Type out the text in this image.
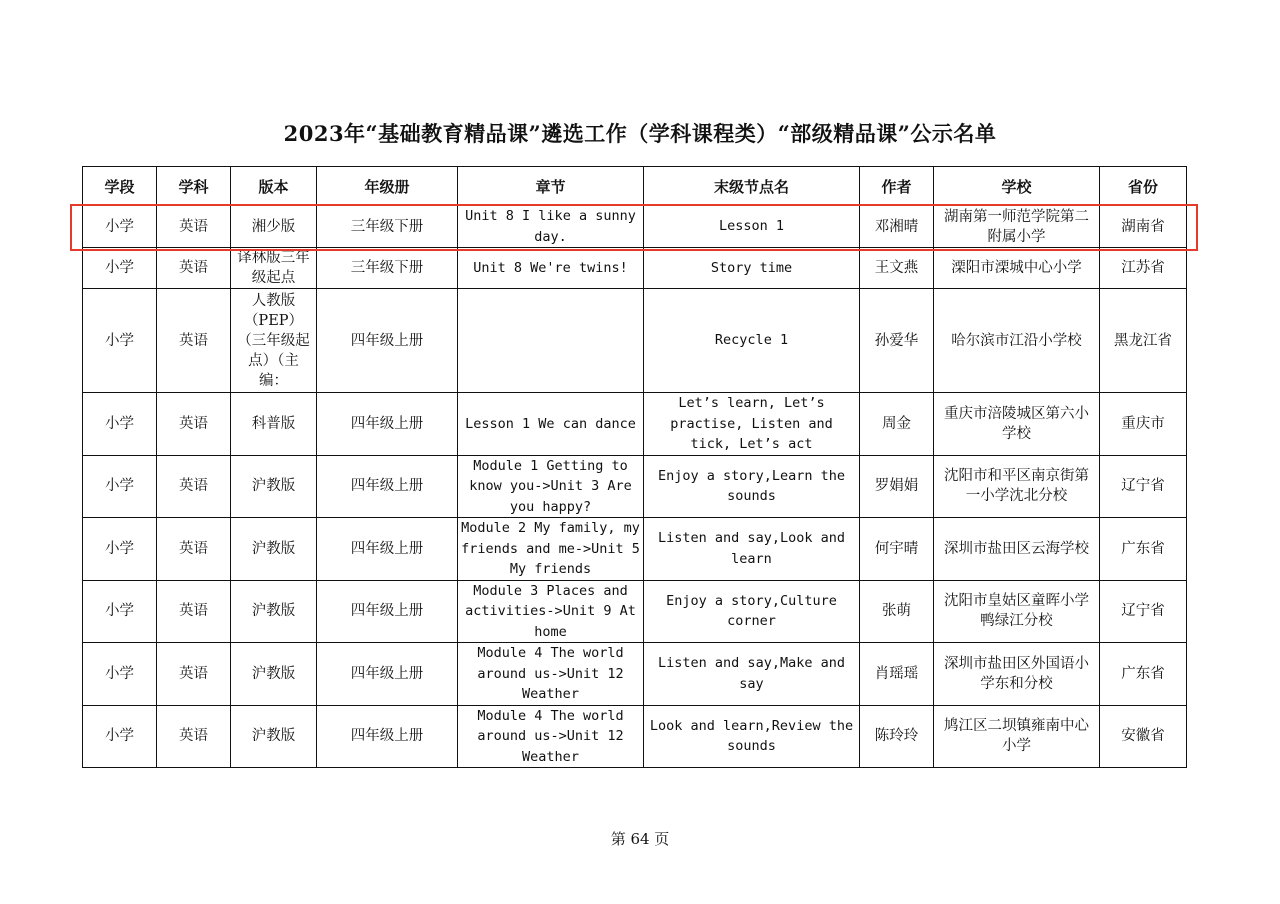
2023年“基础教育精品课”遴选工作（学科课程类）“部级精品课”公示名单
学段	学科	版本	年级册	章节	末级节点名	作者	学校	省份
小学	英语	湘少版	三年级下册	Unit 8 I like a sunny day.	Lesson 1	邓湘晴	湖南第一师范学院第二附属小学	湖南省
小学	英语	译林版三年级起点	三年级下册	Unit 8 We're twins!	Story time	王文燕	溧阳市溧城中心小学	江苏省
小学	英语	人教版（PEP）（三年级起点）（主编：	四年级上册		Recycle 1	孙爱华	哈尔滨市江沿小学校	黑龙江省
小学	英语	科普版	四年级上册	Lesson 1 We can dance	Let’s learn, Let’s practise, Listen and tick, Let’s act	周金	重庆市涪陵城区第六小学校	重庆市
小学	英语	沪教版	四年级上册	Module 1 Getting to know you->Unit 3 Are you happy?	Enjoy a story,Learn the sounds	罗娟娟	沈阳市和平区南京街第一小学沈北分校	辽宁省
小学	英语	沪教版	四年级上册	Module 2 My family, my friends and me->Unit 5 My friends	Listen and say,Look and learn	何宇晴	深圳市盐田区云海学校	广东省
小学	英语	沪教版	四年级上册	Module 3 Places and activities->Unit 9 At home	Enjoy a story,Culture corner	张萌	沈阳市皇姑区童晖小学鸭绿江分校	辽宁省
小学	英语	沪教版	四年级上册	Module 4 The world around us->Unit 12 Weather	Listen and say,Make and say	肖瑶瑶	深圳市盐田区外国语小学东和分校	广东省
小学	英语	沪教版	四年级上册	Module 4 The world around us->Unit 12 Weather	Look and learn,Review the sounds	陈玲玲	鸠江区二坝镇雍南中心小学	安徽省
第 64 页
